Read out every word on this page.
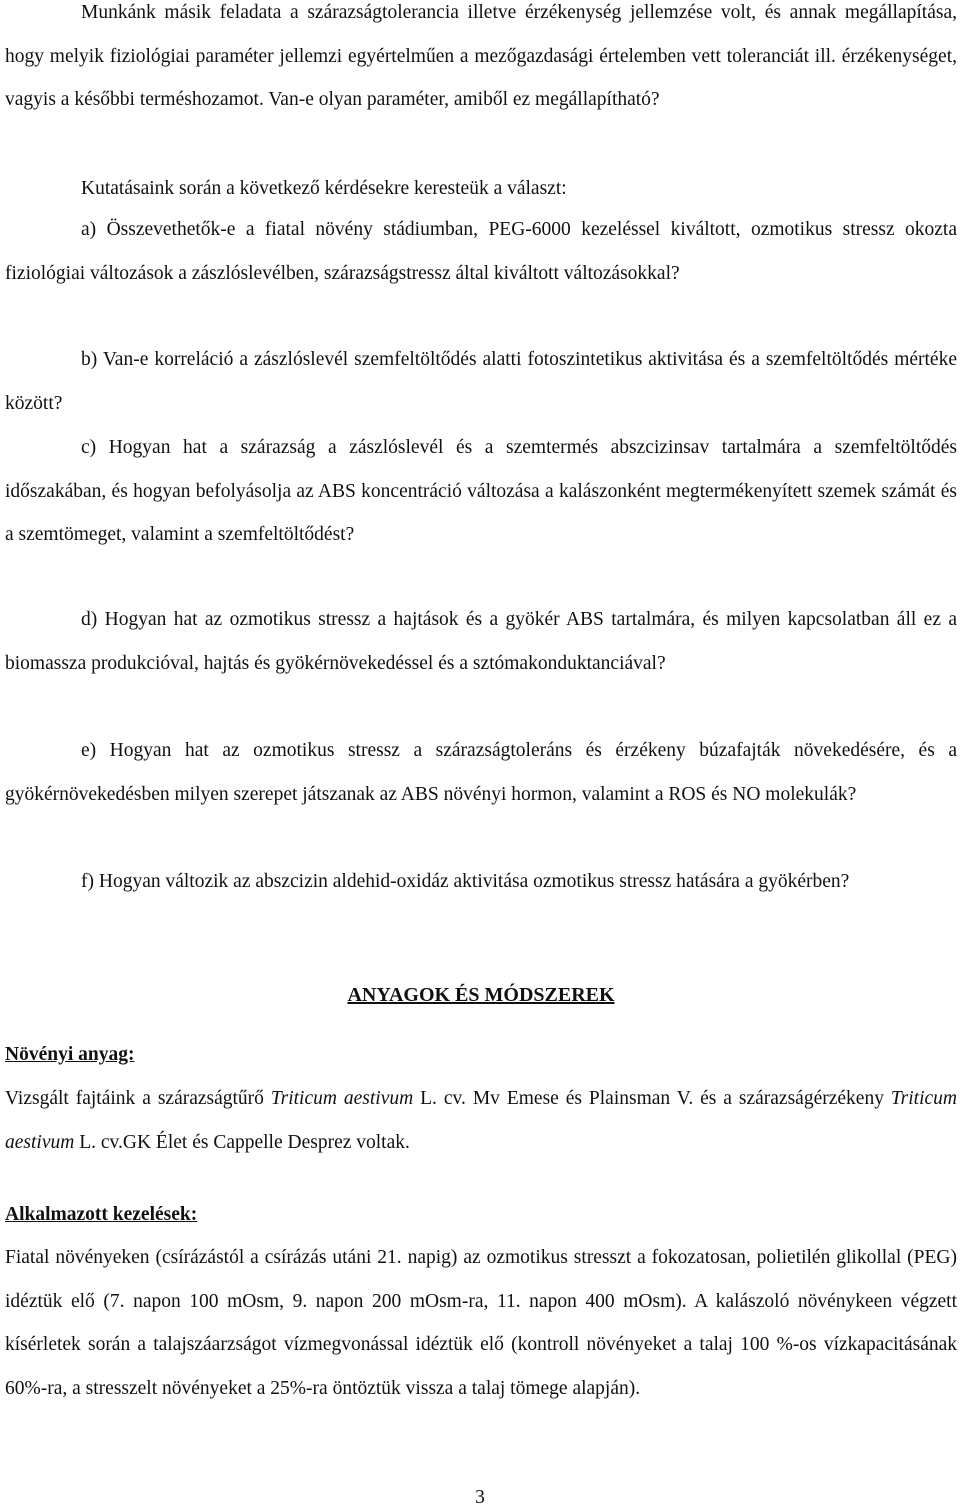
Munkánk másik feladata a szárazságtolerancia illetve érzékenység jellemzése volt, és annak megállapítása, hogy melyik fiziológiai paraméter jellemzi egyértelműen a mezőgazdasági értelemben vett toleranciát ill. érzékenységet, vagyis a későbbi terméshozamot. Van-e olyan paraméter, amiből ez megállapítható?

Kutatásaink során a következő kérdésekre keresteük a választ:

a) Összevethetők-e a fiatal növény stádiumban, PEG-6000 kezeléssel kiváltott, ozmotikus stressz okozta fiziológiai változások a zászlóslevélben, szárazságstressz által kiváltott változásokkal?

b) Van-e korreláció a zászlóslevél szemfeltöltődés alatti fotoszintetikus aktivitása és a szemfeltöltődés mértéke között?

c) Hogyan hat a szárazság a zászlóslevél és a szemtermés abszcizinsav tartalmára a szemfeltöltődés időszakában, és hogyan befolyásolja az ABS koncentráció változása a kalászonként megtermékenyített szemek számát és a szemtömeget, valamint a szemfeltöltődést?

d) Hogyan hat az ozmotikus stressz a hajtások és a gyökér ABS tartalmára, és milyen kapcsolatban áll ez a biomassza produkcióval, hajtás és gyökérnövekedéssel és a sztómakonduktanciával?

e) Hogyan hat az ozmotikus stressz a szárazságtoleráns és érzékeny búzafajták növekedésére, és a gyökérnövekedésben milyen szerepet játszanak az ABS növényi hormon, valamint a ROS és NO molekulák?

f) Hogyan változik az abszcizin aldehid-oxidáz aktivitása ozmotikus stressz hatására a gyökérben?

ANYAGOK ÉS MÓDSZEREK
Növényi anyag:

Vizsgált fajtáink a szárazságtűrő Triticum aestivum L. cv. Mv Emese és Plainsman V. és a szárazságérzékeny Triticum aestivum L. cv.GK Élet és Cappelle Desprez voltak.

Alkalmazott kezelések:

Fiatal növényeken (csírázástól a csírázás utáni 21. napig) az ozmotikus stresszt a fokozatosan, polietilén glikollal (PEG) idéztük elő (7. napon 100 mOsm, 9. napon 200 mOsm-ra, 11. napon 400 mOsm). A kalászoló növénykeen végzett kísérletek során a talajszáarzságot vízmegvonással idéztük elő (kontroll növényeket a talaj 100 %-os vízkapacitásának 60%-ra, a stresszelt növényeket a 25%-ra öntöztük vissza a talaj tömege alapján).

3
